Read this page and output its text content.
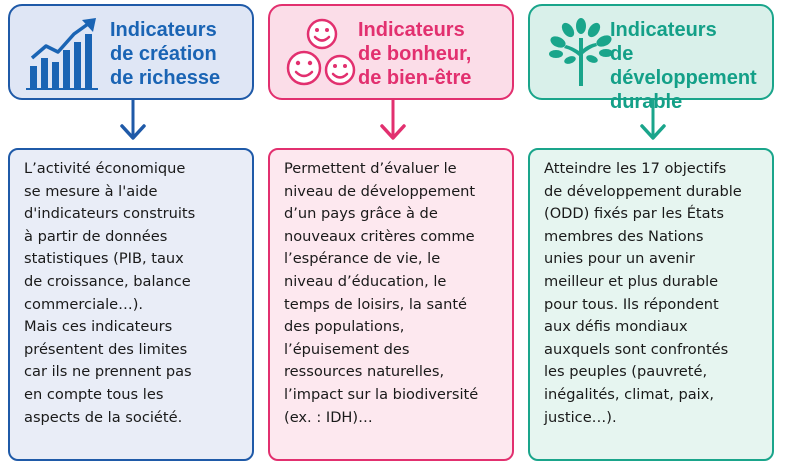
Indicateurs
de création
de richesse

L’activité économique
se mesure à l'aide
d'indicateurs construits
à partir de données
statistiques (PIB, taux
de croissance, balance
commerciale…).
Mais ces indicateurs
présentent des limites
car ils ne prennent pas
en compte tous les
aspects de la société.

Indicateurs
de bonheur,
de bien-être

Permettent d’évaluer le
niveau de développement
d’un pays grâce à de
nouveaux critères comme
l’espérance de vie, le
niveau d’éducation, le
temps de loisirs, la santé
des populations,
l’épuisement des
ressources naturelles,
l’impact sur la biodiversité
(ex. : IDH)…

Indicateurs
de développement
durable

Atteindre les 17 objectifs
de développement durable
(ODD) fixés par les États
membres des Nations
unies pour un avenir
meilleur et plus durable
pour tous. Ils répondent
aux défis mondiaux
auxquels sont confrontés
les peuples (pauvreté,
inégalités, climat, paix,
justice…).
